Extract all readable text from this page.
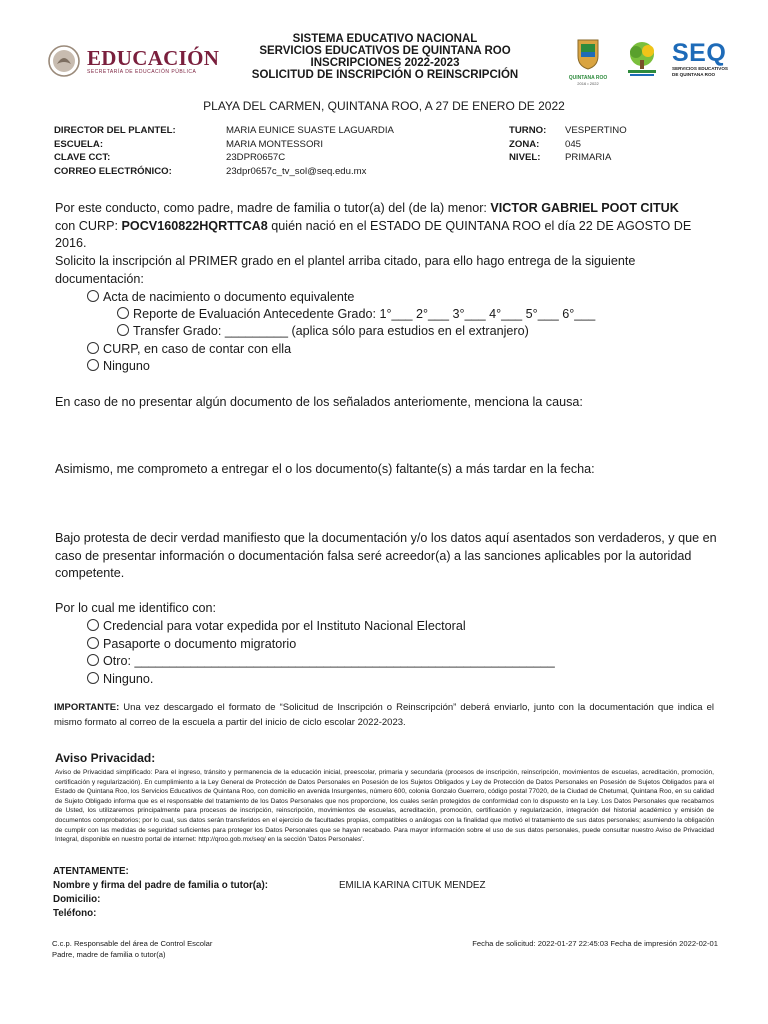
EDUCACIÓN
SECRETARÍA DE EDUCACIÓN PÚBLICA
SISTEMA EDUCATIVO NACIONAL
SERVICIOS EDUCATIVOS DE QUINTANA ROO
INSCRIPCIONES 2022-2023
SOLICITUD DE INSCRIPCIÓN O REINSCRIPCIÓN	QUINTANA ROO
2016 • 2022
SEQ
SERVICIOS EDUCATIVOS
DE QUINTANA ROO
PLAYA DEL CARMEN, QUINTANA ROO, A 27 DE ENERO DE 2022
DIRECTOR DEL PLANTEL:
ESCUELA:
CLAVE CCT:
CORREO ELECTRÓNICO:
MARIA EUNICE SUASTE LAGUARDIA
MARIA MONTESSORI
23DPR0657C
23dpr0657c_tv_sol@seq.edu.mx
TURNO:
ZONA:
NIVEL:
VESPERTINO
045
PRIMARIA
Por este conducto, como padre, madre de familia o tutor(a) del (de la) menor: VICTOR GABRIEL POOT CITUK
con CURP: POCV160822HQRTTCA8 quién nació en el ESTADO DE QUINTANA ROO el día 22 DE AGOSTO DE 2016.
Solicito la inscripción al PRIMER grado en el plantel arriba citado, para ello hago entrega de la siguiente documentación:
Acta de nacimiento o documento equivalente
Reporte de Evaluación Antecedente Grado: 1°___ 2°___ 3°___ 4°___ 5°___ 6°___
Transfer Grado: _________ (aplica sólo para estudios en el extranjero)
CURP, en caso de contar con ella
Ninguno
En caso de no presentar algún documento de los señalados anteriomente, menciona la causa:
Asimismo, me comprometo a entregar el o los documento(s) faltante(s) a más tardar en la fecha:
Bajo protesta de decir verdad manifiesto que la documentación y/o los datos aquí asentados son verdaderos, y que en caso de presentar información o documentación falsa seré acreedor(a) a las sanciones aplicables por la autoridad competente.
Por lo cual me identifico con:
Credencial para votar expedida por el Instituto Nacional Electoral
Pasaporte o documento migratorio
Otro: ____________________________________________________________
Ninguno.
IMPORTANTE: Una vez descargado el formato de “Solicitud de Inscripción o Reinscripción” deberá enviarlo, junto con la documentación que indica el mismo formato al correo de la escuela a partir del inicio de ciclo escolar 2022-2023.
Aviso Privacidad:
Aviso de Privacidad simplificado: Para el ingreso, tránsito y permanencia de la educación inicial, preescolar, primaria y secundaria (procesos de inscripción, reinscripción, movimientos de escuelas, acreditación, promoción, certificación y regularización). En cumplimiento a la Ley General de Protección de Datos Personales en Posesión de los Sujetos Obligados y Ley de Protección de Datos Personales en Posesión de Sujetos Obligados para el Estado de Quintana Roo, los Servicios Educativos de Quintana Roo, con domicilio en avenida Insurgentes, número 600, colonia Gonzalo Guerrero, código postal 77020, de la Ciudad de Chetumal, Quintana Roo, en su calidad de Sujeto Obligado informa que es el responsable del tratamiento de los Datos Personales que nos proporcione, los cuales serán protegidos de conformidad con lo dispuesto en la Ley. Los Datos Personales que recabamos de Usted, los utilizaremos principalmente para procesos de inscripción, reinscripción, movimientos de escuelas, acreditación, promoción, certificación y regularización, integración del historial académico y emisión de documentos comprobatorios; por lo cual, sus datos serán transferidos en el ejercicio de facultades propias, compatibles o análogas con la finalidad que motivó el tratamiento de sus datos personales; asumiendo la obligación de cumplir con las medidas de seguridad suficientes para proteger los Datos Personales que se hayan recabado. Para mayor información sobre el uso de sus datos personales, puede consultar nuestro Aviso de Privacidad Integral, disponible en nuestro portal de internet: http://qroo.gob.mx/seq/ en la sección 'Datos Personales'.
ATENTAMENTE:
Nombre y firma del padre de familia o tutor(a):	EMILIA KARINA CITUK MENDEZ
Domicilio:
Teléfono:
C.c.p. Responsable del área de Control Escolar
Padre, madre de familia o tutor(a)
Fecha de solicitud: 2022-01-27 22:45:03 Fecha de impresión 2022-02-01
